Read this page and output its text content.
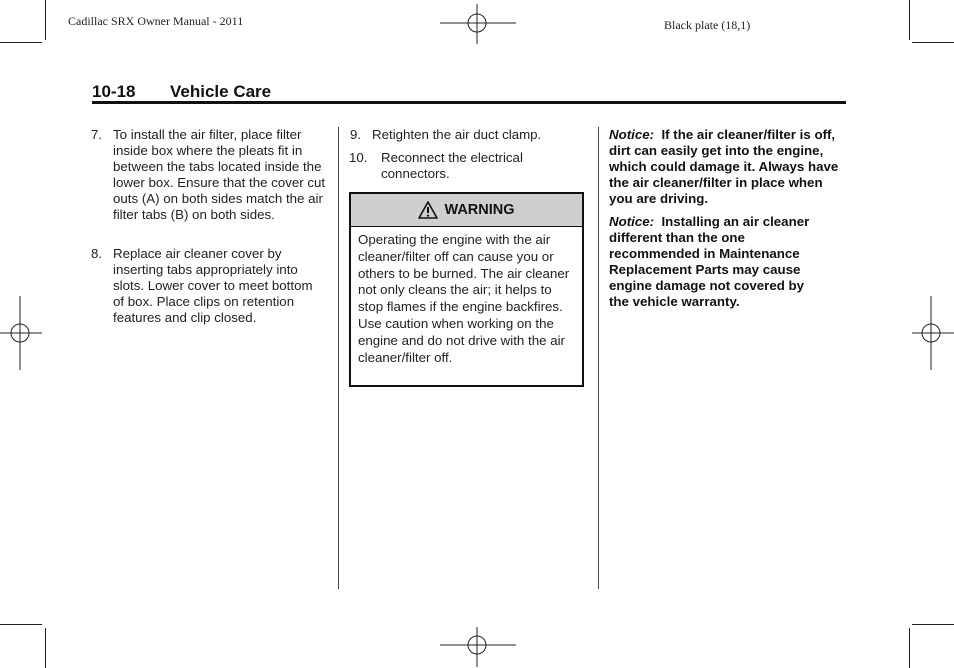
Cadillac SRX Owner Manual - 2011	Black plate (18,1)
10-18 Vehicle Care
7. To install the air filter, place filter inside box where the pleats fit in between the tabs located inside the lower box. Ensure that the cover cut outs (A) on both sides match the air filter tabs (B) on both sides.
8. Replace air cleaner cover by inserting tabs appropriately into slots. Lower cover to meet bottom of box. Place clips on retention features and clip closed.
9. Retighten the air duct clamp.
10. Reconnect the electrical connectors.
WARNING
Operating the engine with the air cleaner/filter off can cause you or others to be burned. The air cleaner not only cleans the air; it helps to stop flames if the engine backfires. Use caution when working on the engine and do not drive with the air cleaner/filter off.
Notice: If the air cleaner/filter is off, dirt can easily get into the engine, which could damage it. Always have the air cleaner/filter in place when you are driving.
Notice: Installing an air cleaner different than the one recommended in Maintenance Replacement Parts may cause engine damage not covered by the vehicle warranty.
